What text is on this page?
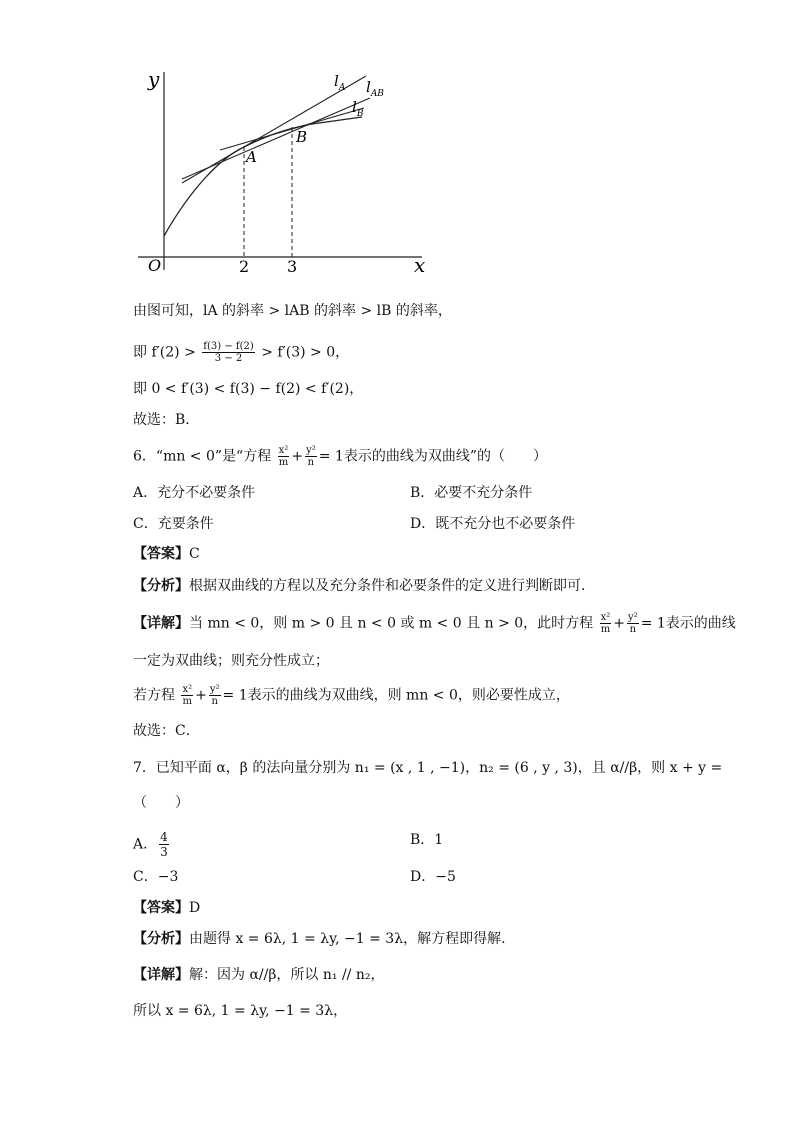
y
x
O	2 3
A
B
$l_A$ $l_{AB}$
$l_B$
由图可知，lA 的斜率 > lAB 的斜率 > lB 的斜率，
即 $f'(2) > \frac{f(3) - f(2)}{3 - 2} > f'(3) > 0$，
即 0 < f′(3) < f(3) − f(2) < f′(2)，
故选：B．
6．“mn < 0”是“方程 $\frac{\text{x²}}{m} + \frac{\text{y²}}{n} = 1$表示的曲线为双曲线”的（　　）
A．充分不必要条件	B．必要不充分条件
C．充要条件	D．既不充分也不必要条件
【答案】C
【分析】根据双曲线的方程以及充分条件和必要条件的定义进行判断即可.
【详解】当 mn < 0，则 m > 0 且 n < 0 或 m < 0 且 n > 0，此时方程 $\frac{\text{x²}}{m} + \frac{\text{y²}}{n} = 1$表示的曲线
一定为双曲线；则充分性成立；
若方程 $\frac{\text{x²}}{m} + \frac{\text{y²}}{n} = 1$表示的曲线为双曲线，则 mn < 0，则必要性成立，
故选：C．
7．已知平面 α，β 的法向量分别为 n₁ = (x , 1 , −1)，n₂ = (6 , y , 3)，且 α//β，则 x + y =
（　　）
A． $\frac{4}{3}$	B．1
C．−3	D．−5
【答案】D
【分析】由题得 x = 6λ, 1 = λy, −1 = 3λ，解方程即得解.
【详解】解：因为 α//β，所以 n₁ // n₂，
所以 x = 6λ, 1 = λy, −1 = 3λ，
